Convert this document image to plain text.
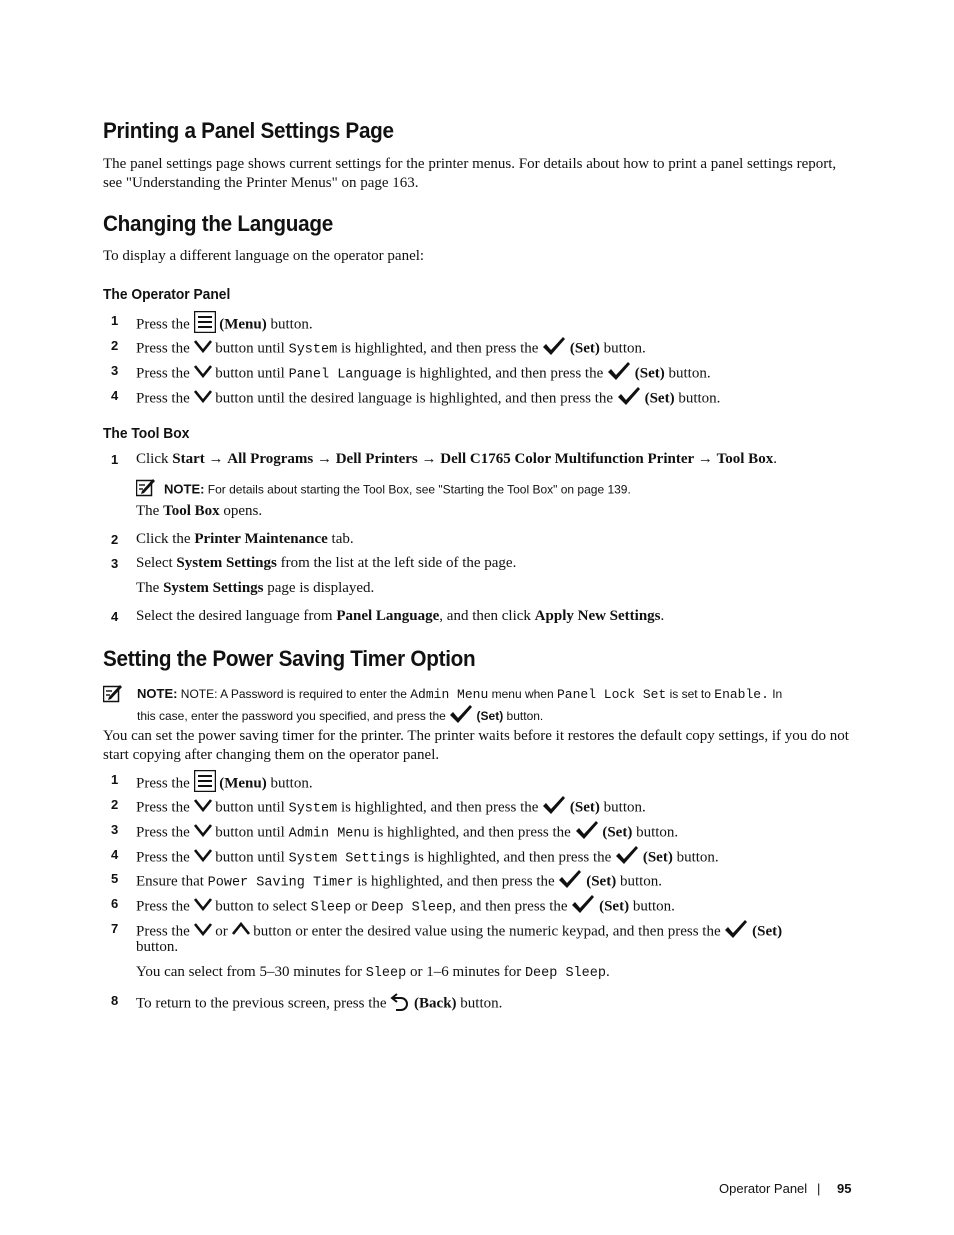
Printing a Panel Settings Page

The panel settings page shows current settings for the printer menus. For details about how to print a panel settings report, see "Understanding the Printer Menus" on page 163.

Changing the Language

To display a different language on the operator panel:

The Operator Panel
1 Press the (Menu) button.
2 Press the button until System is highlighted, and then press the (Set) button.
3 Press the button until Panel Language is highlighted, and then press the (Set) button.
4 Press the button until the desired language is highlighted, and then press the (Set) button.
The Tool Box
1 Click Start → All Programs → Dell Printers → Dell C1765 Color Multifunction Printer → Tool Box.
NOTE: For details about starting the Tool Box, see "Starting the Tool Box" on page 139.

The Tool Box opens.

2 Click the Printer Maintenance tab.
3 Select System Settings from the list at the left side of the page.

The System Settings page is displayed.

4 Select the desired language from Panel Language, and then click Apply New Settings.
Setting the Power Saving Timer Option
NOTE: NOTE: A Password is required to enter the Admin Menu menu when Panel Lock Set is set to Enable. In
this case, enter the password you specified, and press the	(Set) button.

You can set the power saving timer for the printer. The printer waits before it restores the default copy settings, if you do not start copying after changing them on the operator panel.

1 Press the (Menu) button.
2 Press the button until System is highlighted, and then press the (Set) button.
3 Press the button until Admin Menu is highlighted, and then press the (Set) button.
4 Press the button until System Settings is highlighted, and then press the (Set) button.
5 Ensure that Power Saving Timer is highlighted, and then press the (Set) button.
6 Press the button to select Sleep or Deep Sleep, and then press the (Set) button.
7 Press the or button or enter the desired value using the numeric keypad, and then press the (Set)

button.

You can select from 5–30 minutes for Sleep or 1–6 minutes for Deep Sleep.

8 To return to the previous screen, press the (Back) button.
Operator Panel | 95
